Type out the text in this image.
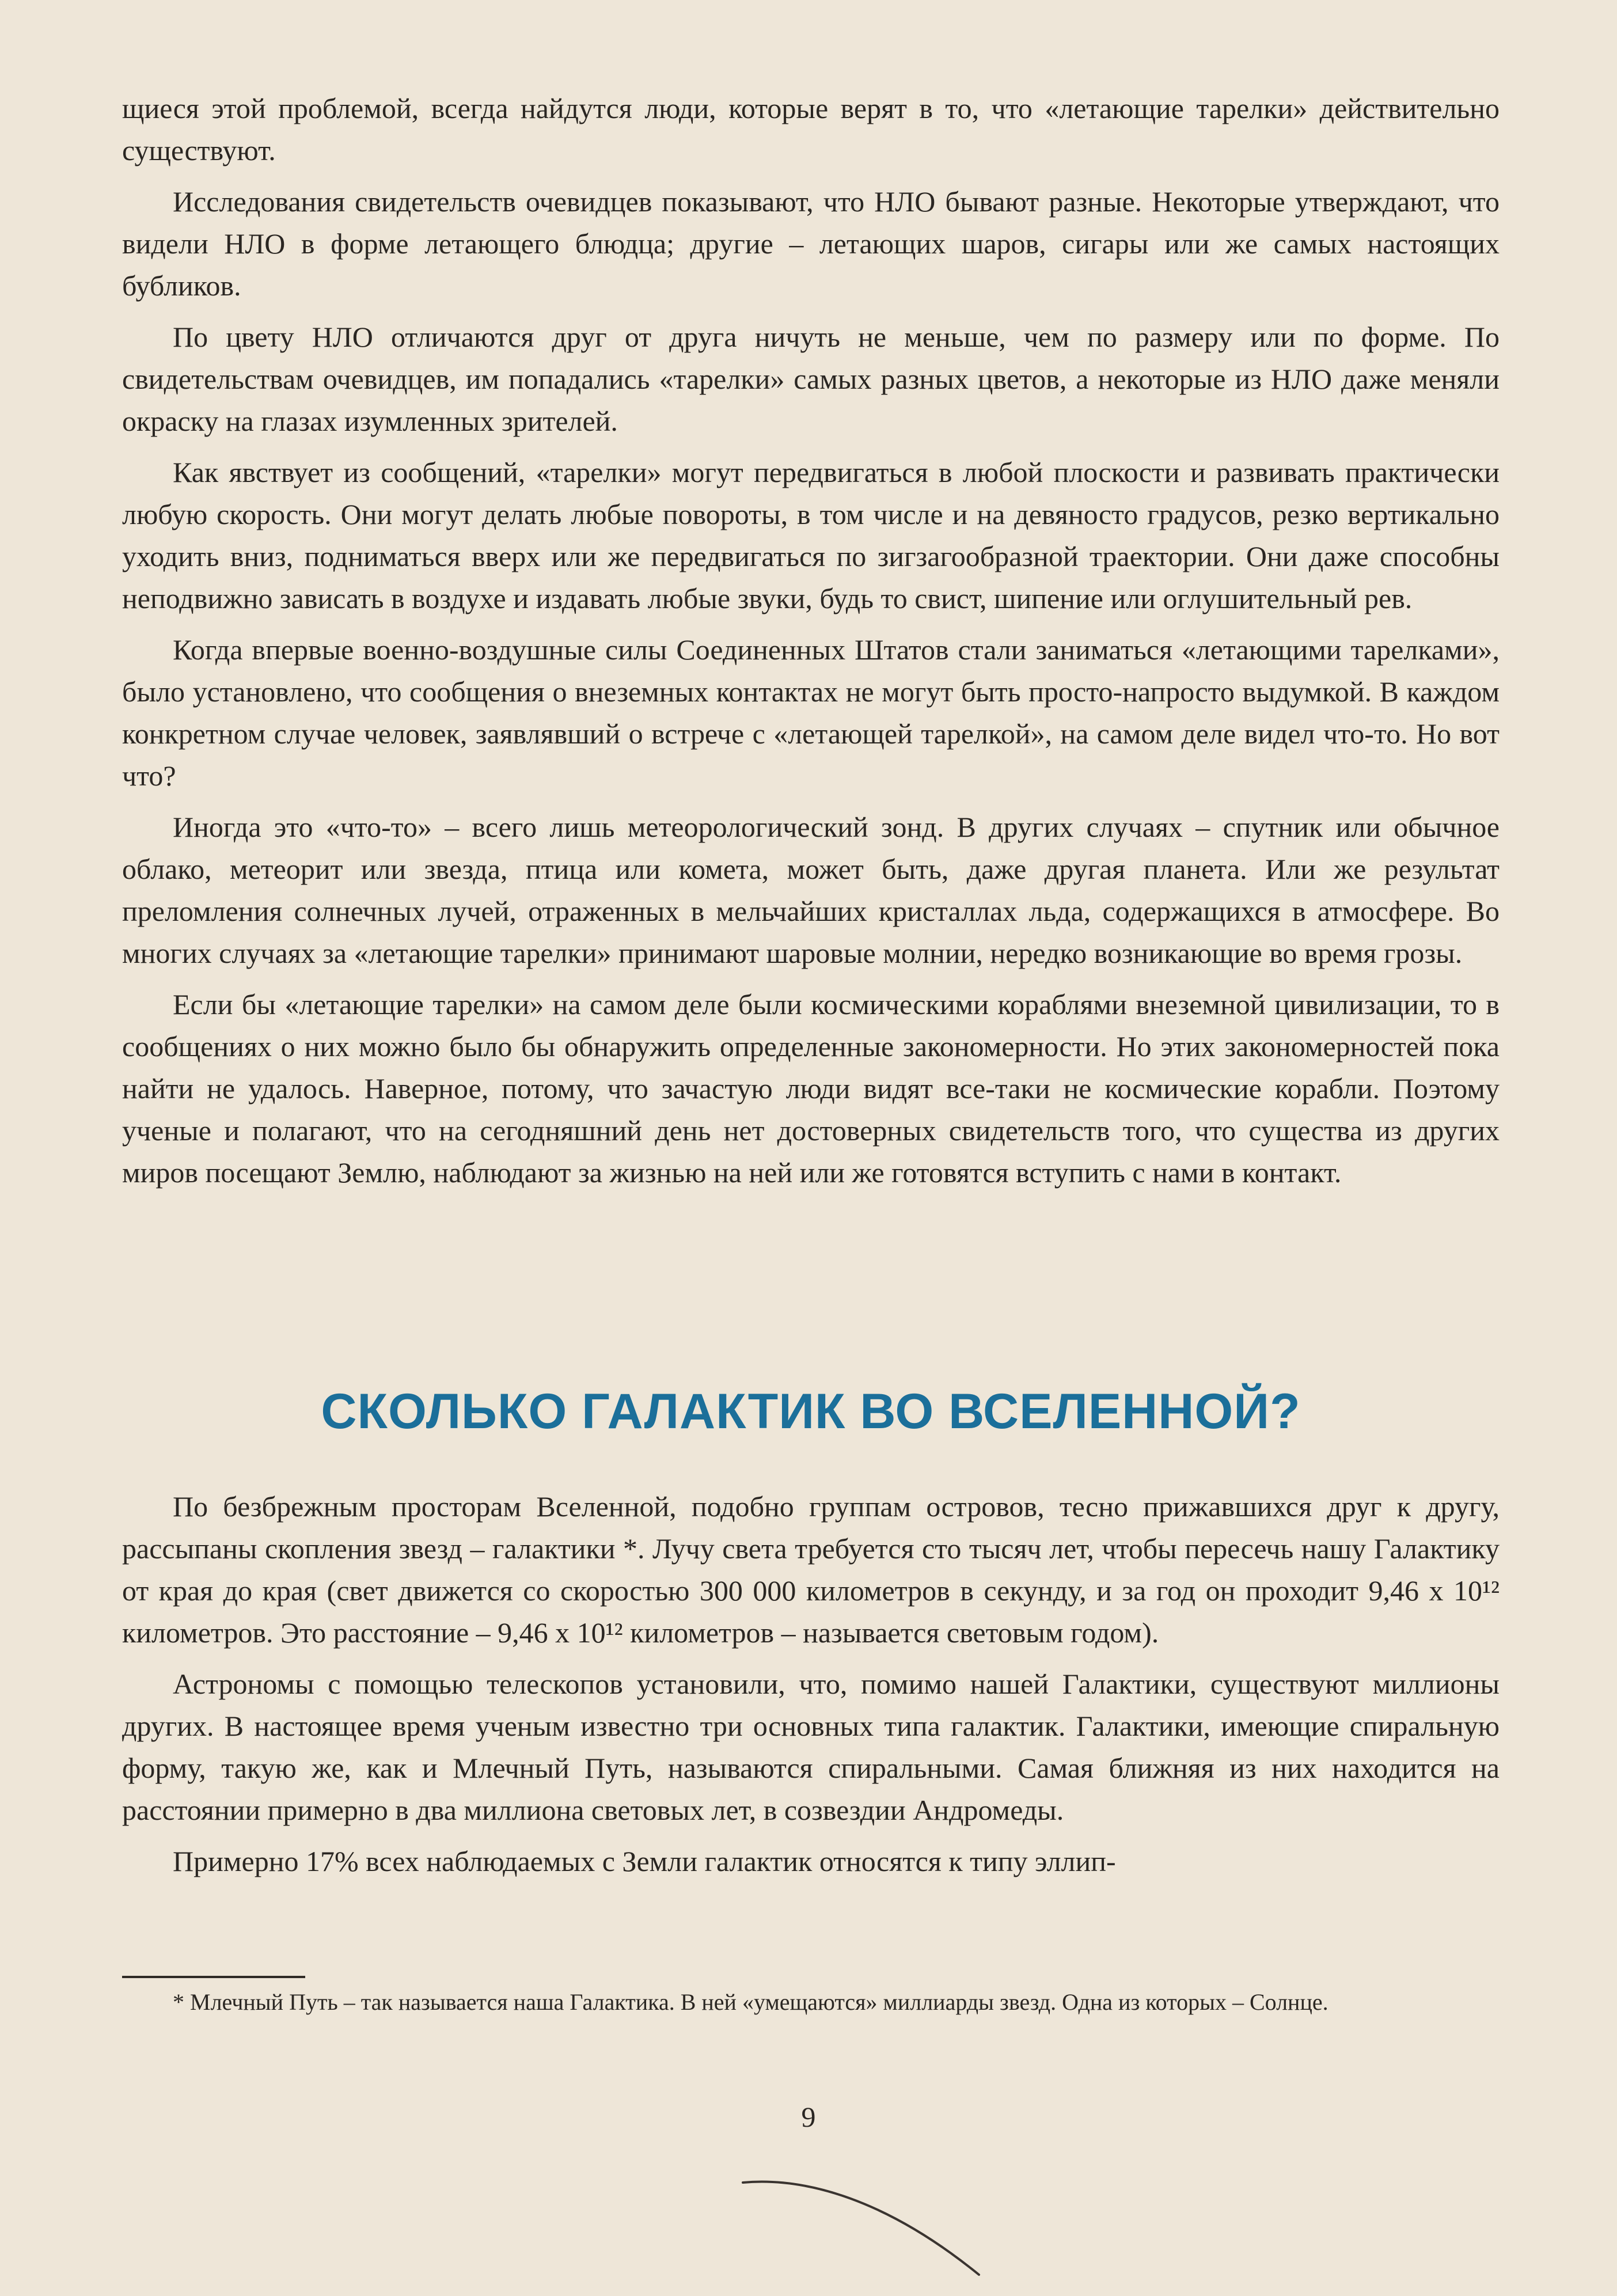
щиеся этой проблемой, всегда найдутся люди, которые верят в то, что «летающие тарелки» действительно существуют.

Исследования свидетельств очевидцев показывают, что НЛО бывают разные. Некоторые утверждают, что видели НЛО в форме летающего блюдца; другие – летающих шаров, сигары или же самых настоящих бубликов.

По цвету НЛО отличаются друг от друга ничуть не меньше, чем по размеру или по форме. По свидетельствам очевидцев, им попадались «тарелки» самых разных цветов, а некоторые из НЛО даже меняли окраску на глазах изумленных зрителей.

Как явствует из сообщений, «тарелки» могут передвигаться в любой плоскости и развивать практически любую скорость. Они могут делать любые повороты, в том числе и на девяносто градусов, резко вертикально уходить вниз, подниматься вверх или же передвигаться по зигзагообразной траектории. Они даже способны неподвижно зависать в воздухе и издавать любые звуки, будь то свист, шипение или оглушительный рев.

Когда впервые военно-воздушные силы Соединенных Штатов стали заниматься «летающими тарелками», было установлено, что сообщения о внеземных контактах не могут быть просто-напросто выдумкой. В каждом конкретном случае человек, заявлявший о встрече с «летающей тарелкой», на самом деле видел что-то. Но вот что?

Иногда это «что-то» – всего лишь метеорологический зонд. В других случаях – спутник или обычное облако, метеорит или звезда, птица или комета, может быть, даже другая планета. Или же результат преломления солнечных лучей, отраженных в мельчайших кристаллах льда, содержащихся в атмосфере. Во многих случаях за «летающие тарелки» принимают шаровые молнии, нередко возникающие во время грозы.

Если бы «летающие тарелки» на самом деле были космическими кораблями внеземной цивилизации, то в сообщениях о них можно было бы обнаружить определенные закономерности. Но этих закономерностей пока найти не удалось. Наверное, потому, что зачастую люди видят все-таки не космические корабли. Поэтому ученые и полагают, что на сегодняшний день нет достоверных свидетельств того, что существа из других миров посещают Землю, наблюдают за жизнью на ней или же готовятся вступить с нами в контакт.

СКОЛЬКО ГАЛАКТИК ВО ВСЕЛЕННОЙ?

По безбрежным просторам Вселенной, подобно группам островов, тесно прижавшихся друг к другу, рассыпаны скопления звезд – галактики *. Лучу света требуется сто тысяч лет, чтобы пересечь нашу Галактику от края до края (свет движется со скоростью 300 000 километров в секунду, и за год он проходит 9,46 x 10¹² километров. Это расстояние – 9,46 x 10¹² километров – называется световым годом).

Астрономы с помощью телескопов установили, что, помимо нашей Галактики, существуют миллионы других. В настоящее время ученым известно три основных типа галактик. Галактики, имеющие спиральную форму, такую же, как и Млечный Путь, называются спиральными. Самая ближняя из них находится на расстоянии примерно в два миллиона световых лет, в созвездии Андромеды.

Примерно 17% всех наблюдаемых с Земли галактик относятся к типу эллип-

* Млечный Путь – так называется наша Галактика. В ней «умещаются» миллиарды звезд. Одна из которых – Солнце.

9
